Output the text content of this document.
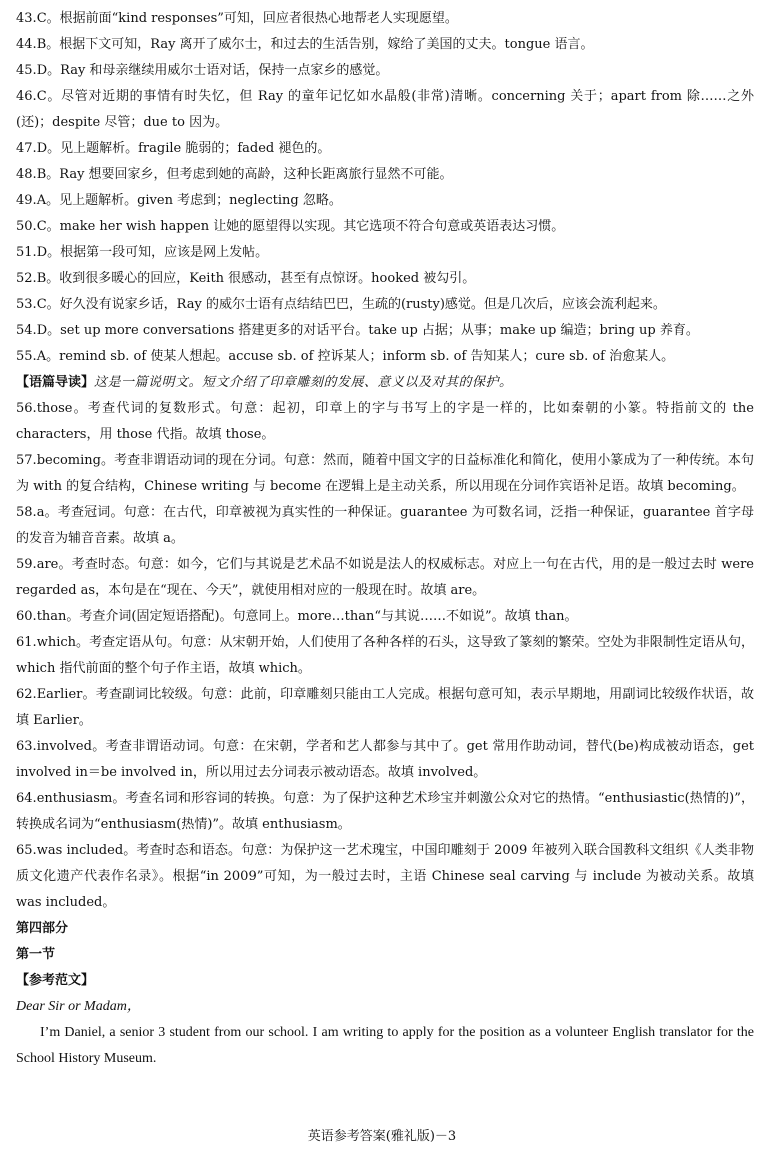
43.C。根据前面“kind responses”可知，回应者很热心地帮老人实现愿望。
44.B。根据下文可知，Ray 离开了威尔士，和过去的生活告别，嫁给了美国的丈夫。tongue 语言。
45.D。Ray 和母亲继续用威尔士语对话，保持一点家乡的感觉。
46.C。尽管对近期的事情有时失忆，但 Ray 的童年记忆如水晶般(非常)清晰。concerning 关于；apart from 除……之外(还)；despite 尽管；due to 因为。
47.D。见上题解析。fragile 脆弱的；faded 褪色的。
48.B。Ray 想要回家乡，但考虑到她的高龄，这种长距离旅行显然不可能。
49.A。见上题解析。given 考虑到；neglecting 忽略。
50.C。make her wish happen 让她的愿望得以实现。其它选项不符合句意或英语表达习惯。
51.D。根据第一段可知，应该是网上发帖。
52.B。收到很多暖心的回应，Keith 很感动，甚至有点惊讶。hooked 被勾引。
53.C。好久没有说家乡话，Ray 的威尔士语有点结结巴巴，生疏的(rusty)感觉。但是几次后，应该会流利起来。
54.D。set up more conversations 搭建更多的对话平台。take up 占据；从事；make up 编造；bring up 养育。
55.A。remind sb. of 使某人想起。accuse sb. of 控诉某人；inform sb. of 告知某人；cure sb. of 治愈某人。
【语篇导读】这是一篇说明文。短文介绍了印章雕刻的发展、意义以及对其的保护。
56.those。考查代词的复数形式。句意：起初，印章上的字与书写上的字是一样的，比如秦朝的小篆。特指前文的 the characters，用 those 代指。故填 those。
57.becoming。考查非谓语动词的现在分词。句意：然而，随着中国文字的日益标准化和简化，使用小篆成为了一种传统。本句为 with 的复合结构，Chinese writing 与 become 在逻辑上是主动关系，所以用现在分词作宾语补足语。故填 becoming。
58.a。考查冠词。句意：在古代，印章被视为真实性的一种保证。guarantee 为可数名词，泛指一种保证，guarantee 首字母的发音为辅音音素。故填 a。
59.are。考查时态。句意：如今，它们与其说是艺术品不如说是法人的权威标志。对应上一句在古代，用的是一般过去时 were regarded as，本句是在“现在、今天”，就使用相对应的一般现在时。故填 are。
60.than。考查介词(固定短语搭配)。句意同上。more…than“与其说……不如说”。故填 than。
61.which。考查定语从句。句意：从宋朝开始，人们使用了各种各样的石头，这导致了篆刻的繁荣。空处为非限制性定语从句，which 指代前面的整个句子作主语，故填 which。
62.Earlier。考查副词比较级。句意：此前，印章雕刻只能由工人完成。根据句意可知，表示早期地，用副词比较级作状语，故填 Earlier。
63.involved。考查非谓语动词。句意：在宋朝，学者和艺人都参与其中了。get 常用作助动词，替代(be)构成被动语态，get involved in＝be involved in，所以用过去分词表示被动语态。故填 involved。
64.enthusiasm。考查名词和形容词的转换。句意：为了保护这种艺术珍宝并刺激公众对它的热情。“enthusiastic(热情的)”，转换成名词为“enthusiasm(热情)”。故填 enthusiasm。
65.was included。考查时态和语态。句意：为保护这一艺术瑰宝，中国印雕刻于 2009 年被列入联合国教科文组织《人类非物质文化遗产代表作名录》。根据“in 2009”可知，为一般过去时，主语 Chinese seal carving 与 include 为被动关系。故填 was included。

第四部分

第一节

【参考范文】

Dear Sir or Madam，

I’m Daniel, a senior 3 student from our school. I am writing to apply for the position as a volunteer English translator for the School History Museum.

英语参考答案(雅礼版)－3
